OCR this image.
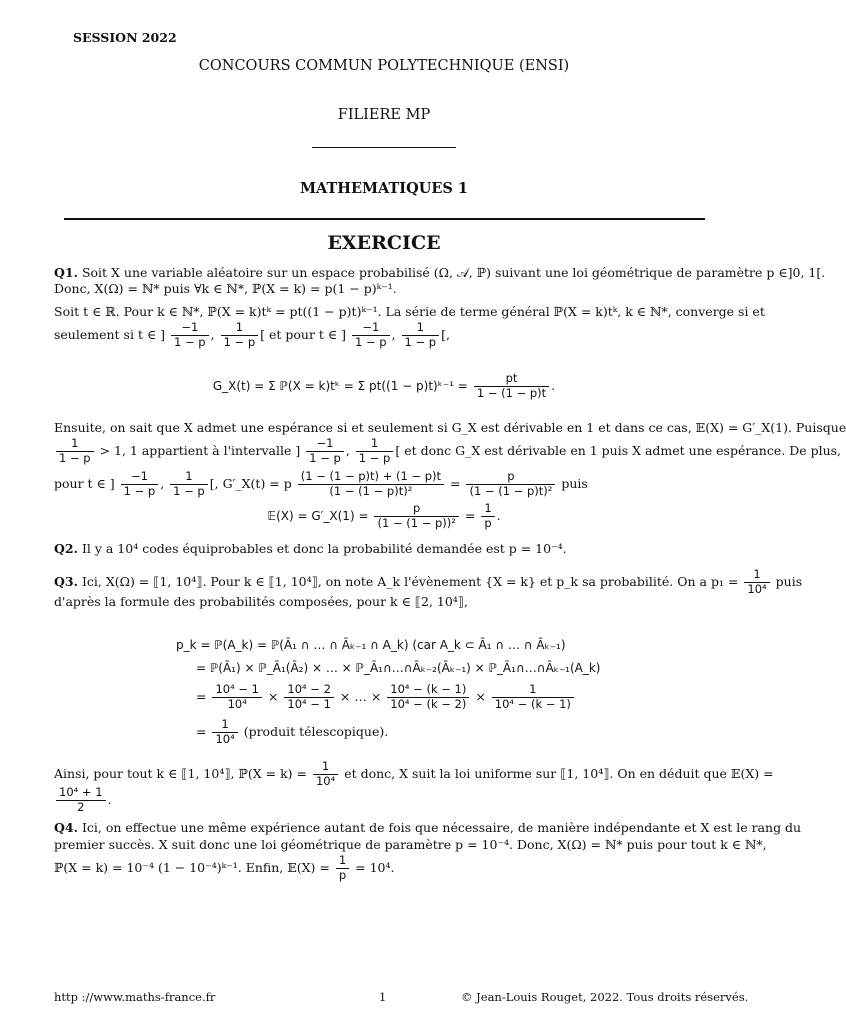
SESSION 2022
CONCOURS COMMUN POLYTECHNIQUE (ENSI)
FILIERE MP
MATHEMATIQUES 1
EXERCICE
Q1. Soit X une variable aléatoire sur un espace probabilisé (Ω, 𝒜, ℙ) suivant une loi géométrique de paramètre p ∈]0, 1[.
Donc, X(Ω) = ℕ* puis ∀k ∈ ℕ*, ℙ(X = k) = p(1 − p)ᵏ⁻¹.
Soit t ∈ ℝ. Pour k ∈ ℕ*, ℙ(X = k)tᵏ = pt((1 − p)t)ᵏ⁻¹. La série de terme général ℙ(X = k)tᵏ, k ∈ ℕ*, converge si et
seulement si t ∈ ] $\frac{-1}{1 - p}$ , $\frac{1}{1 - p}$ [ et pour t ∈ ] $\frac{-1}{1 - p}$ , $\frac{1}{1 - p}$ [,
G_X(t) = Σ ℙ(X = k)tᵏ = Σ pt((1 − p)t)ᵏ⁻¹ = $\frac{pt}{1 - (1 - p)t}$ .
Ensuite, on sait que X admet une espérance si et seulement si G_X est dérivable en 1 et dans ce cas, 𝔼(X) = G′_X(1). Puisque
$\frac{1}{1 - p} > 1$, 1 appartient à l'intervalle ] $\frac{-1}{1 - p}$ , $\frac{1}{1 - p}$ [ et donc G_X est dérivable en 1 puis X admet une espérance. De plus,
pour t ∈ ] $\frac{-1}{1 - p}$ , $\frac{1}{1 - p}$ [, G′_X(t) = p $\frac{(1 - (1 - p)t) + (1 - p)t}{\text{(1 − (1 − p)t)²}} = \frac{p}{\text{(1 − (1 − p)t)²}}$ puis
𝔼(X) = G′_X(1) = $\frac{p}{\text{(1 − (1 − p))²}} = \frac{1}{p}$ .
Q2. Il y a 10⁴ codes équiprobables et donc la probabilité demandée est p = 10⁻⁴.
Q3. Ici, X(Ω) = ⟦1, 10⁴⟧. Pour k ∈ ⟦1, 10⁴⟧, on note A_k l'évènement {X = k} et p_k sa probabilité. On a $p_1 = \frac{1}{\text{10⁴}}$ puis
d'après la formule des probabilités composées, pour k ∈ ⟦2, 10⁴⟧,
p_k = ℙ(A_k) = ℙ(Ā₁ ∩ … ∩ Āₖ₋₁ ∩ A_k) (car A_k ⊂ Ā₁ ∩ … ∩ Āₖ₋₁)
= ℙ(Ā₁) × ℙ_Ā₁(Ā₂) × … × ℙ_Ā₁∩…∩Āₖ₋₂(Āₖ₋₁) × ℙ_Ā₁∩…∩Āₖ₋₁(A_k)
= $\frac{\text{10⁴ − 1}}{\text{10⁴}} \times \frac{\text{10⁴ − 2}}{\text{10⁴ − 1}}$ × … × $\frac{\text{10⁴ − (k − 1)}}{\text{10⁴ − (k − 2)}} \times \frac{1}{\text{10⁴ − (k − 1)}}$
= $\frac{1}{\text{10⁴}}$ (produit télescopique).
Ainsi, pour tout k ∈ ⟦1, 10⁴⟧, ℙ(X = $k) = \frac{1}{\text{10⁴}}$ et donc, X suit la loi uniforme sur ⟦1, 10⁴⟧. On en déduit que 𝔼(X) =
$\frac{\text{10⁴ + 1}}{2}$ .
Q4. Ici, on effectue une même expérience autant de fois que nécessaire, de manière indépendante et X est le rang du
premier succès. X suit donc une loi géométrique de paramètre p = 10⁻⁴. Donc, X(Ω) = ℕ* puis pour tout k ∈ ℕ*,
ℙ(X = k) = 10⁻⁴ (1 − 10⁻⁴)ᵏ⁻¹. Enfin, 𝔼(X) = $\frac{1}{p} = 10^4$.
http ://www.maths-france.fr	1	© Jean-Louis Rouget, 2022. Tous droits réservés.
